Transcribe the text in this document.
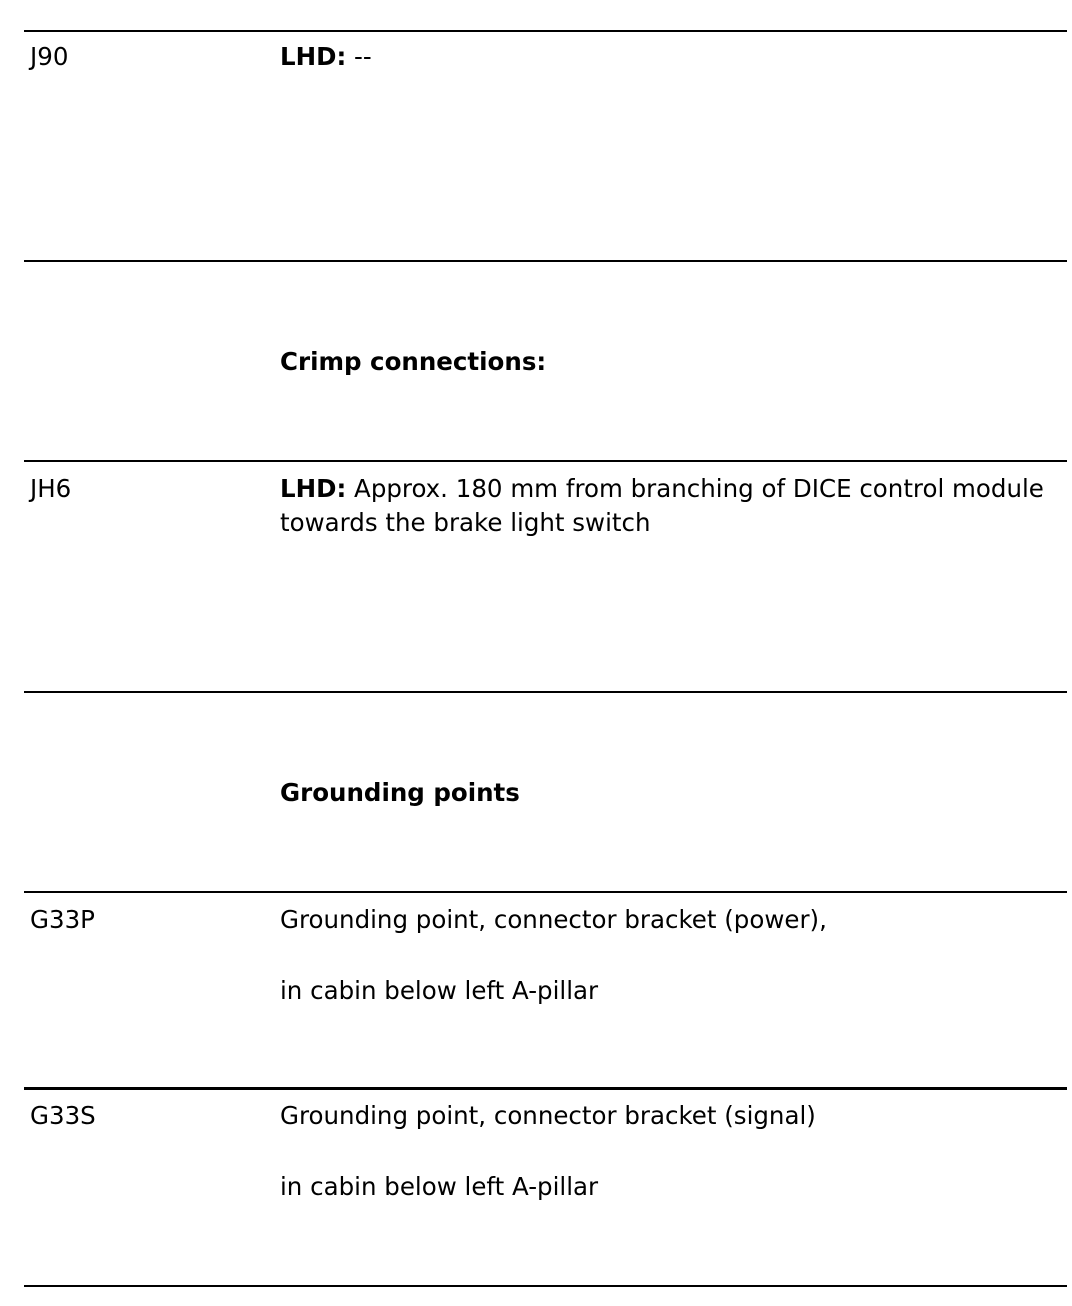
J90	LHD: --
Crimp connections:
JH6	LHD: Approx. 180 mm from branching of DICE control module towards the brake light switch
Grounding points
G33P	Grounding point, connector bracket (power),
in cabin below left A-pillar
G33S	Grounding point, connector bracket (signal)
in cabin below left A-pillar
